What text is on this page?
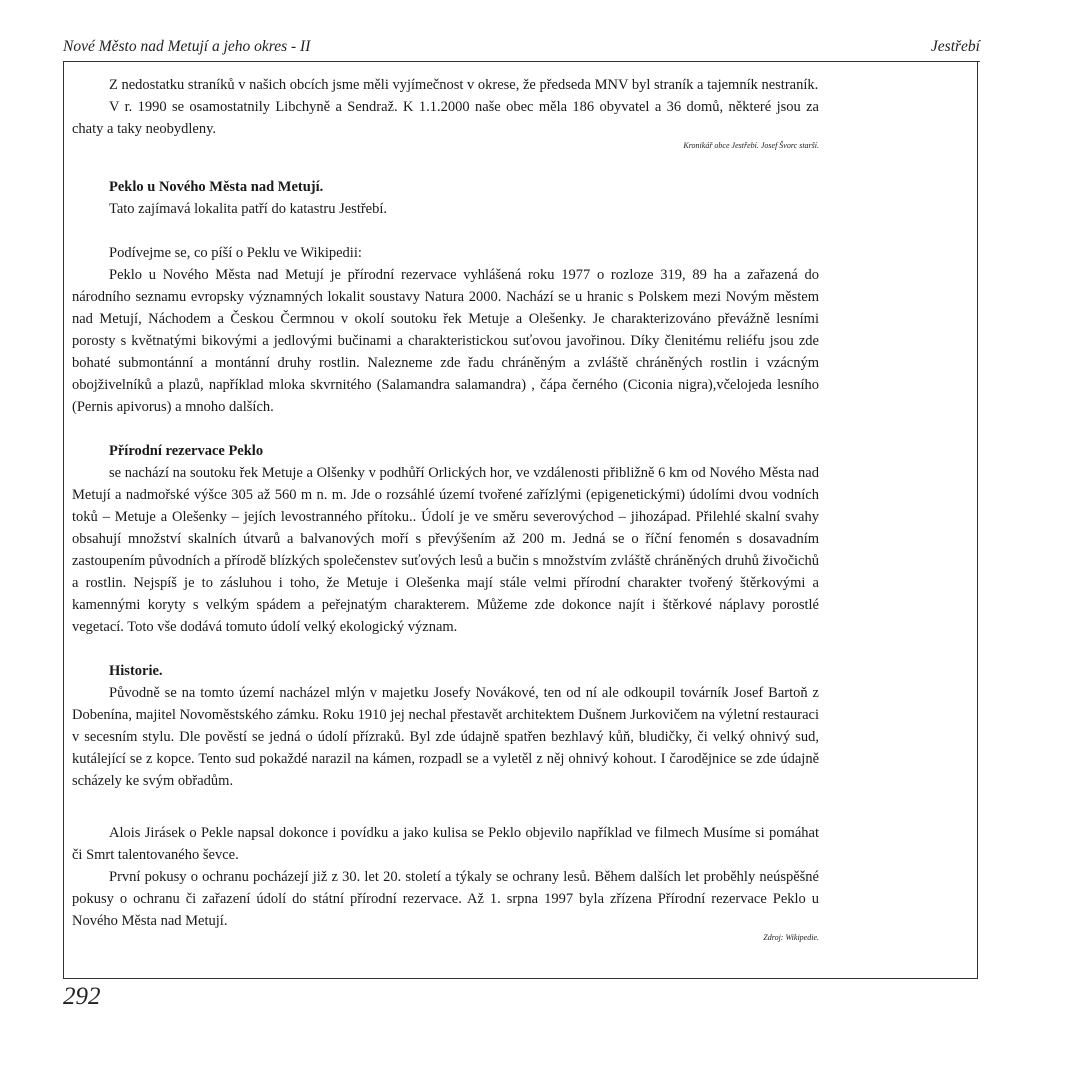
Nové Město nad Metují a jeho okres - II	Jestřebí

Z nedostatku straníků v našich obcích jsme měli vyjímečnost v okrese, že předseda MNV byl straník a tajemník nestraník.

V r. 1990 se osamostatnily Libchyně a Sendraž. K 1.1.2000 naše obec měla 186 obyvatel a 36 domů, některé jsou za chaty a taky neobydleny.

Kronikář obce Jestřebí. Josef Švorc starší.

Peklo u Nového Města nad Metují.

Tato zajímavá lokalita patří do katastru Jestřebí.

Podívejme se, co píší o Peklu ve Wikipedii:

Peklo u Nového Města nad Metují je přírodní rezervace vyhlášená roku 1977 o rozloze 319, 89 ha a zařazená do národního seznamu evropsky významných lokalit soustavy Natura 2000. Nachází se u hranic s Polskem mezi Novým městem nad Metují, Náchodem a Českou Čermnou v okolí soutoku řek Metuje a Olešenky. Je charakterizováno převážně lesními porosty s květnatými bikovými a jedlovými bučinami a charakteristickou suťovou javořinou. Díky členitému reliéfu jsou zde bohaté submontánní a montánní druhy rostlin. Nalezneme zde řadu chráněným a zvláště chráněných rostlin i vzácným obojživelníků a plazů, například mloka skvrnitého (Salamandra salamandra) , čápa černého (Ciconia nigra),včelojeda lesního (Pernis apivorus) a mnoho dalších.

Přírodní rezervace Peklo

se nachází na soutoku řek Metuje a Olšenky v podhůří Orlických hor, ve vzdálenosti přibližně 6 km od Nového Města nad Metují a nadmořské výšce 305 až 560 m n. m. Jde o rozsáhlé území tvořené zařízlými (epigenetickými) údolími dvou vodních toků – Metuje a Olešenky – jejích levostranného přítoku.. Údolí je ve směru severovýchod – jihozápad. Přilehlé skalní svahy obsahují množství skalních útvarů a balvanových moří s převýšením až 200 m. Jedná se o říční fenomén s dosavadním zastoupením původních a přírodě blízkých společenstev suťových lesů a bučin s množstvím zvláště chráněných druhů živočichů a rostlin. Nejspíš je to zásluhou i toho, že Metuje i Olešenka mají stále velmi přírodní charakter tvořený štěrkovými a kamennými koryty s velkým spádem a peřejnatým charakterem. Můžeme zde dokonce najít i štěrkové náplavy porostlé vegetací. Toto vše dodává tomuto údolí velký ekologický význam.

Historie.

Původně se na tomto území nacházel mlýn v majetku Josefy Novákové, ten od ní ale odkoupil továrník Josef Bartoň z Dobenína, majitel Novoměstského zámku. Roku 1910 jej nechal přestavět architektem Dušnem Jurkovičem na výletní restauraci v secesním stylu. Dle pověstí se jedná o údolí přízraků. Byl zde údajně spatřen bezhlavý kůň, bludičky, či velký ohnivý sud, kutálející se z kopce. Tento sud pokaždé narazil na kámen, rozpadl se a vyletěl z něj ohnivý kohout. I čarodějnice se zde údajně scházely ke svým obřadům.

Alois Jirásek o Pekle napsal dokonce i povídku a jako kulisa se Peklo objevilo například ve filmech Musíme si pomáhat či Smrt talentovaného ševce.

První pokusy o ochranu pocházejí již z 30. let 20. století a týkaly se ochrany lesů. Během dalších let proběhly neúspěšné pokusy o ochranu či zařazení údolí do státní přírodní rezervace. Až 1. srpna 1997 byla zřízena Přírodní rezervace Peklo u Nového Města nad Metují.

Zdroj: Wikipedie.

292
